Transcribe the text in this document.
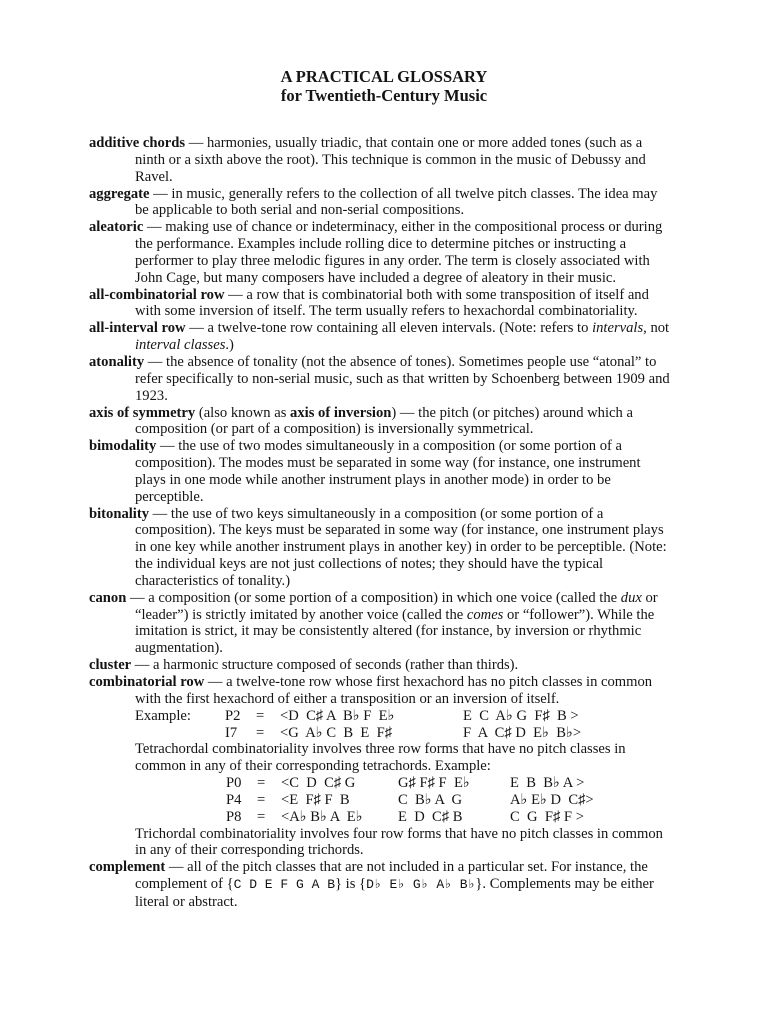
A PRACTICAL GLOSSARY
for Twentieth-Century Music

additive chords — harmonies, usually triadic, that contain one or more added tones (such as a ninth or a sixth above the root). This technique is common in the music of Debussy and Ravel.

aggregate — in music, generally refers to the collection of all twelve pitch classes. The idea may be applicable to both serial and non-serial compositions.

aleatoric — making use of chance or indeterminacy, either in the compositional process or during the performance. Examples include rolling dice to determine pitches or instructing a performer to play three melodic figures in any order. The term is closely associated with John Cage, but many composers have included a degree of aleatory in their music.

all-combinatorial row — a row that is combinatorial both with some transposition of itself and with some inversion of itself. The term usually refers to hexachordal combinatoriality.

all-interval row — a twelve-tone row containing all eleven intervals. (Note: refers to intervals, not interval classes.)

atonality — the absence of tonality (not the absence of tones). Sometimes people use “atonal” to refer specifically to non-serial music, such as that written by Schoenberg between 1909 and 1923.

axis of symmetry (also known as axis of inversion) — the pitch (or pitches) around which a composition (or part of a composition) is inversionally symmetrical.

bimodality — the use of two modes simultaneously in a composition (or some portion of a composition). The modes must be separated in some way (for instance, one instrument plays in one mode while another instrument plays in another mode) in order to be perceptible.

bitonality — the use of two keys simultaneously in a composition (or some portion of a composition). The keys must be separated in some way (for instance, one instrument plays in one key while another instrument plays in another key) in order to be perceptible. (Note: the individual keys are not just collections of notes; they should have the typical characteristics of tonality.)

canon — a composition (or some portion of a composition) in which one voice (called the dux or “leader”) is strictly imitated by another voice (called the comes or “follower”). While the imitation is strict, it may be consistently altered (for instance, by inversion or rhythmic augmentation).

cluster — a harmonic structure composed of seconds (rather than thirds).

combinatorial row — a twelve-tone row whose first hexachord has no pitch classes in common with the first hexachord of either a transposition or an inversion of itself.
Example:	P2	=	<D  C♯ A  B♭ F  E♭	E  C  A♭ G  F♯  B >
	I7	=	<G  A♭ C  B  E  F♯	F  A  C♯ D  E♭  B♭>
Tetrachordal combinatoriality involves three row forms that have no pitch classes in common in any of their corresponding tetrachords. Example:
P0	=	<C  D  C♯ G	G♯ F♯ F  E♭	E  B  B♭ A >
P4	=	<E  F♯ F  B	C  B♭ A  G	A♭ E♭ D  C♯>
P8	=	<A♭ B♭ A  E♭	E  D  C♯ B	C  G  F♯ F >
Trichordal combinatoriality involves four row forms that have no pitch classes in common in any of their corresponding trichords.

complement — all of the pitch classes that are not included in a particular set. For instance, the complement of {C D E F G A B} is {D♭ E♭ G♭ A♭ B♭}. Complements may be either literal or abstract.
